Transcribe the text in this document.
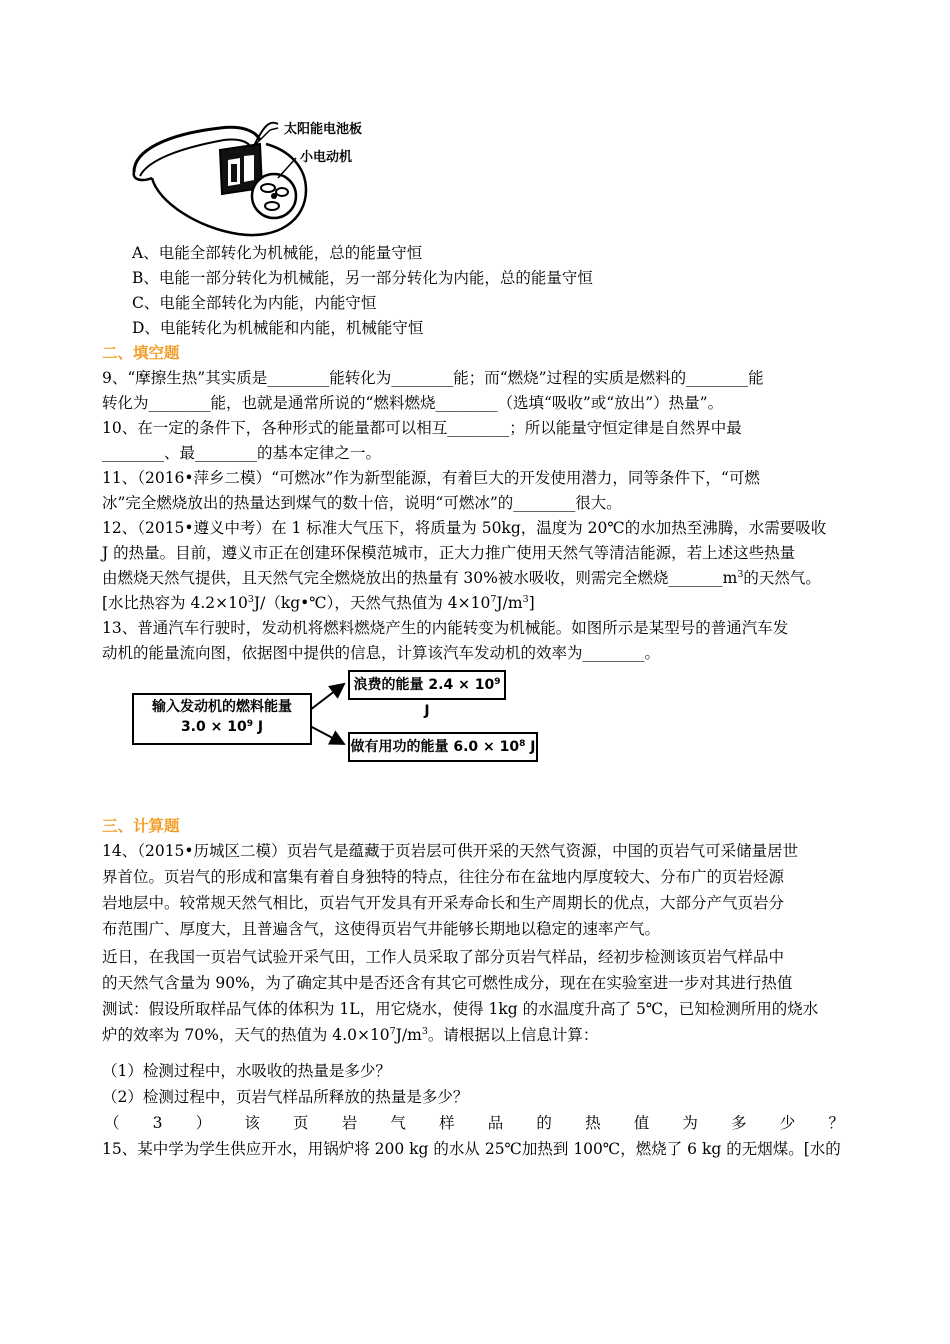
太阳能电池板
小电动机
A、电能全部转化为机械能，总的能量守恒
B、电能一部分转化为机械能，另一部分转化为内能，总的能量守恒
C、电能全部转化为内能，内能守恒
D、电能转化为机械能和内能，机械能守恒
二、填空题
9、“摩擦生热”其实质是________能转化为________能；而“燃烧”过程的实质是燃料的________能
转化为________能，也就是通常所说的“燃料燃烧________（选填“吸收”或“放出”）热量”。
10、在一定的条件下，各种形式的能量都可以相互________；所以能量守恒定律是自然界中最
________、最________的基本定律之一。
11、（2016•萍乡二模）“可燃冰”作为新型能源，有着巨大的开发使用潜力，同等条件下，“可燃
冰”完全燃烧放出的热量达到煤气的数十倍，说明“可燃冰”的________很大。
12、（2015•遵义中考）在 1 标准大气压下，将质量为 50kg，温度为 20℃的水加热至沸腾，水需要吸收
J 的热量。目前，遵义市正在创建环保模范城市，正大力推广使用天然气等清洁能源，若上述这些热量
由燃烧天然气提供，且天然气完全燃烧放出的热量有 30%被水吸收，则需完全燃烧$\_\_\_\_\_\_\_m^3$的天然气。
[水比热容为 $4.2\times 10^3J/(kg•℃)$，天然气热值为 $4\times 10^7J/m^3$]
13、普通汽车行驶时，发动机将燃料燃烧产生的内能转变为机械能。如图所示是某型号的普通汽车发
动机的能量流向图，依据图中提供的信息，计算该汽车发动机的效率为________。
输入发动机的燃料能量
$3.0 \times 10^9$ J
浪费的能量 $2.4 \times 10^9$ J
做有用功的能量 $6.0 \times 10^8$ J
三、计算题
14、（2015•历城区二模）页岩气是蕴藏于页岩层可供开采的天然气资源，中国的页岩气可采储量居世
界首位。页岩气的形成和富集有着自身独特的特点，往往分布在盆地内厚度较大、分布广的页岩烃源
岩地层中。较常规天然气相比，页岩气开发具有开采寿命长和生产周期长的优点，大部分产气页岩分
布范围广、厚度大，且普遍含气，这使得页岩气井能够长期地以稳定的速率产气。
近日，在我国一页岩气试验开采气田，工作人员采取了部分页岩气样品，经初步检测该页岩气样品中
的天然气含量为 90%，为了确定其中是否还含有其它可燃性成分，现在在实验室进一步对其进行热值
测试：假设所取样品气体的体积为 1L，用它烧水，使得 1kg 的水温度升高了 5℃，已知检测所用的烧水
炉的效率为 70%，天气的热值为 $4.0\times 10^7J/m^3$。请根据以上信息计算：
（1）检测过程中，水吸收的热量是多少？
（2）检测过程中，页岩气样品所释放的热量是多少？
（ 3 ） 该 页 岩 气 样 品 的 热 值 为 多 少 ？
15、某中学为学生供应开水，用锅炉将 200 kg 的水从 25℃加热到 100℃，燃烧了 6 kg 的无烟煤。[水的
